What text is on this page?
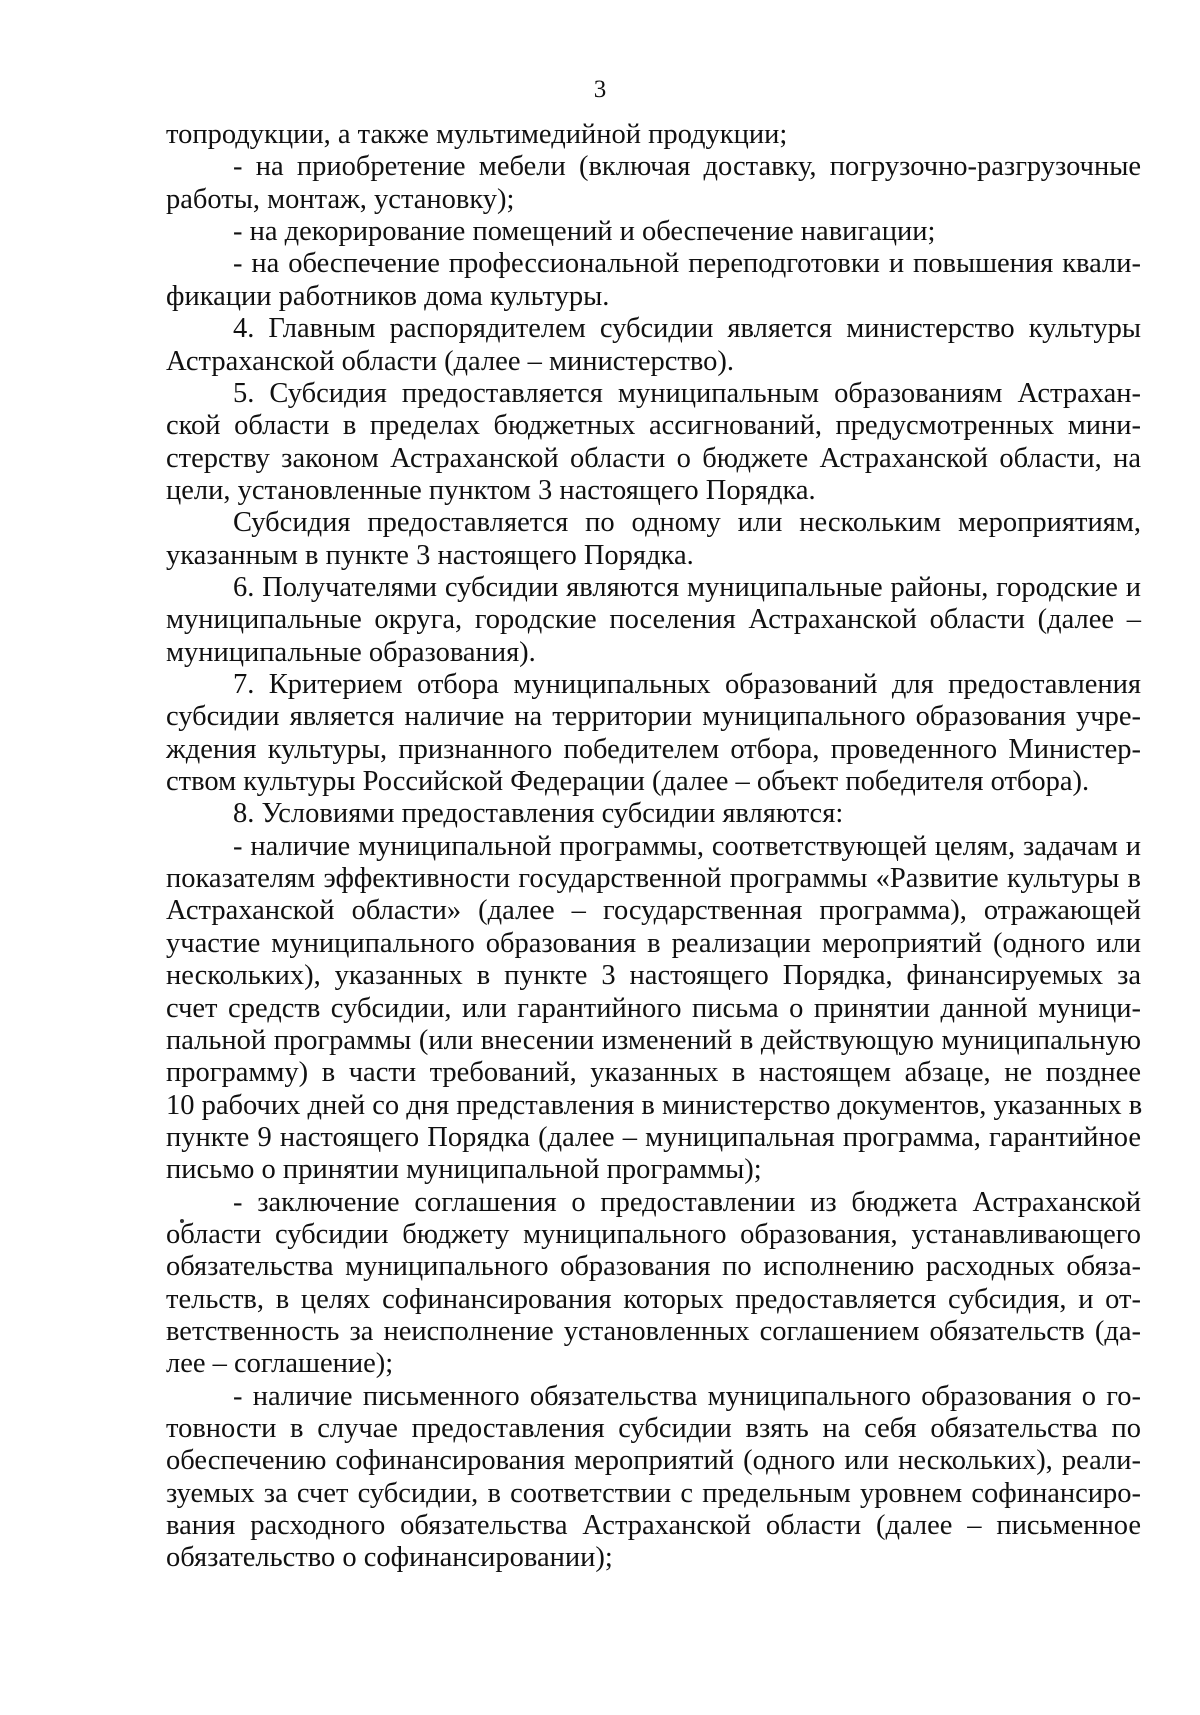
3
топродукции, а также мультимедийной продукции;
- на приобретение мебели (включая доставку, погрузочно-разгрузочные
работы, монтаж, установку);
- на декорирование помещений и обеспечение навигации;
- на обеспечение профессиональной переподготовки и повышения квали-
фикации работников дома культуры.
4. Главным распорядителем субсидии является министерство культуры
Астраханской области (далее – министерство).
5. Субсидия предоставляется муниципальным образованиям Астрахан-
ской области в пределах бюджетных ассигнований, предусмотренных мини-
стерству законом Астраханской области о бюджете Астраханской области, на
цели, установленные пунктом 3 настоящего Порядка.
Субсидия предоставляется по одному или нескольким мероприятиям,
указанным в пункте 3 настоящего Порядка.
6. Получателями субсидии являются муниципальные районы, городские и
муниципальные округа, городские поселения Астраханской области (далее –
муниципальные образования).
7. Критерием отбора муниципальных образований для предоставления
субсидии является наличие на территории муниципального образования учре-
ждения культуры, признанного победителем отбора, проведенного Министер-
ством культуры Российской Федерации (далее – объект победителя отбора).
8. Условиями предоставления субсидии являются:
- наличие муниципальной программы, соответствующей целям, задачам и
показателям эффективности государственной программы «Развитие культуры в
Астраханской области» (далее – государственная программа), отражающей
участие муниципального образования в реализации мероприятий (одного или
нескольких), указанных в пункте 3 настоящего Порядка, финансируемых за
счет средств субсидии, или гарантийного письма о принятии данной муници-
пальной программы (или внесении изменений в действующую муниципальную
программу) в части требований, указанных в настоящем абзаце, не позднее
10 рабочих дней со дня представления в министерство документов, указанных в
пункте 9 настоящего Порядка (далее – муниципальная программа, гарантийное
письмо о принятии муниципальной программы);
- заключение соглашения о предоставлении из бюджета Астраханской
области субсидии бюджету муниципального образования, устанавливающего
обязательства муниципального образования по исполнению расходных обяза-
тельств, в целях софинансирования которых предоставляется субсидия, и от-
ветственность за неисполнение установленных соглашением обязательств (да-
лее – соглашение);
- наличие письменного обязательства муниципального образования о го-
товности в случае предоставления субсидии взять на себя обязательства по
обеспечению софинансирования мероприятий (одного или нескольких), реали-
зуемых за счет субсидии, в соответствии с предельным уровнем софинансиро-
вания расходного обязательства Астраханской области (далее – письменное
обязательство о софинансировании);
